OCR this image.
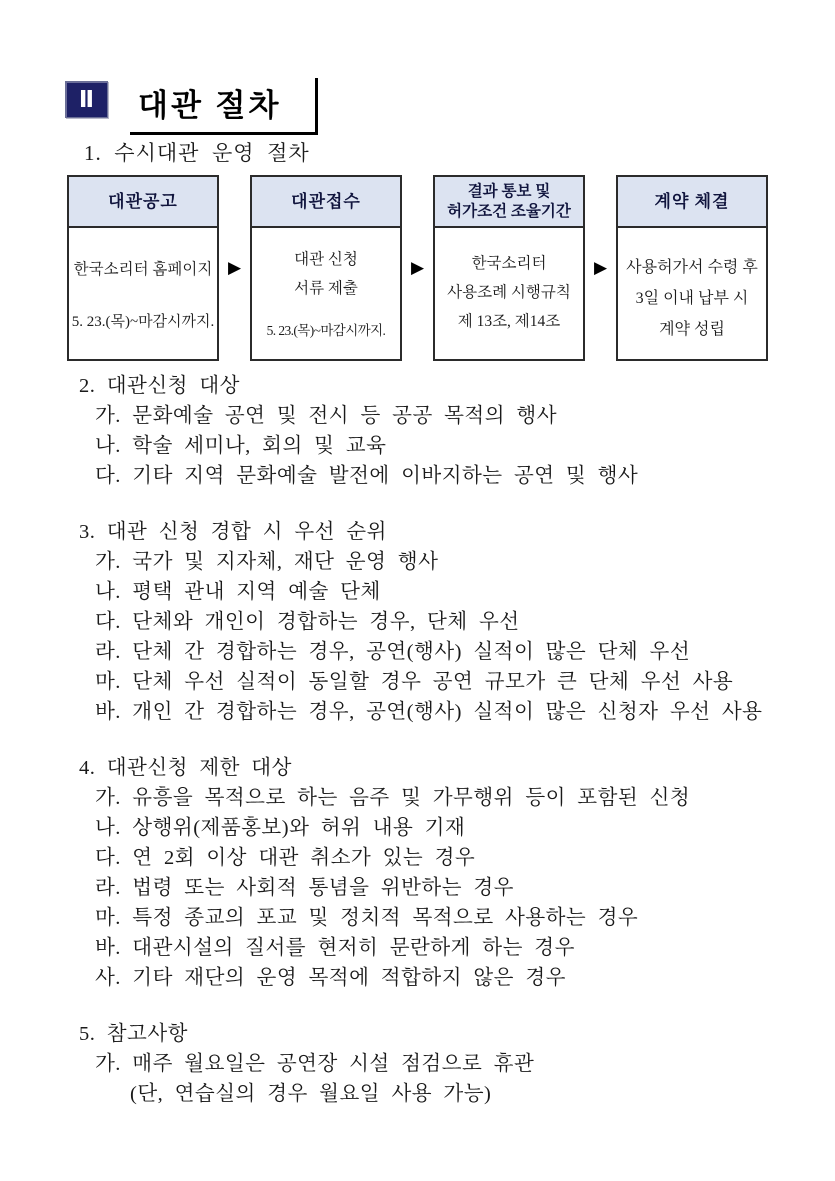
Ⅱ 대관 절차
1. 수시대관 운영 절차
대관공고
한국소리터 홈페이지
5. 23.(목)~마감시까지.
▶
대관접수
대관 신청
서류 제출
5. 23.(목)~마감시까지.
▶
결과 통보 및
허가조건 조율기간
한국소리터
사용조례 시행규칙
제 13조, 제14조
▶
계약 체결
사용허가서 수령 후
3일 이내 납부 시
계약 성립
2. 대관신청 대상
가. 문화예술 공연 및 전시 등 공공 목적의 행사
나. 학술 세미나, 회의 및 교육
다. 기타 지역 문화예술 발전에 이바지하는 공연 및 행사
3. 대관 신청 경합 시 우선 순위
가. 국가 및 지자체, 재단 운영 행사
나. 평택 관내 지역 예술 단체
다. 단체와 개인이 경합하는 경우, 단체 우선
라. 단체 간 경합하는 경우, 공연(행사) 실적이 많은 단체 우선
마. 단체 우선 실적이 동일할 경우 공연 규모가 큰 단체 우선 사용
바. 개인 간 경합하는 경우, 공연(행사) 실적이 많은 신청자 우선 사용
4. 대관신청 제한 대상
가. 유흥을 목적으로 하는 음주 및 가무행위 등이 포함된 신청
나. 상행위(제품홍보)와 허위 내용 기재
다. 연 2회 이상 대관 취소가 있는 경우
라. 법령 또는 사회적 통념을 위반하는 경우
마. 특정 종교의 포교 및 정치적 목적으로 사용하는 경우
바. 대관시설의 질서를 현저히 문란하게 하는 경우
사. 기타 재단의 운영 목적에 적합하지 않은 경우
5. 참고사항
가. 매주 월요일은 공연장 시설 점검으로 휴관
(단, 연습실의 경우 월요일 사용 가능)
